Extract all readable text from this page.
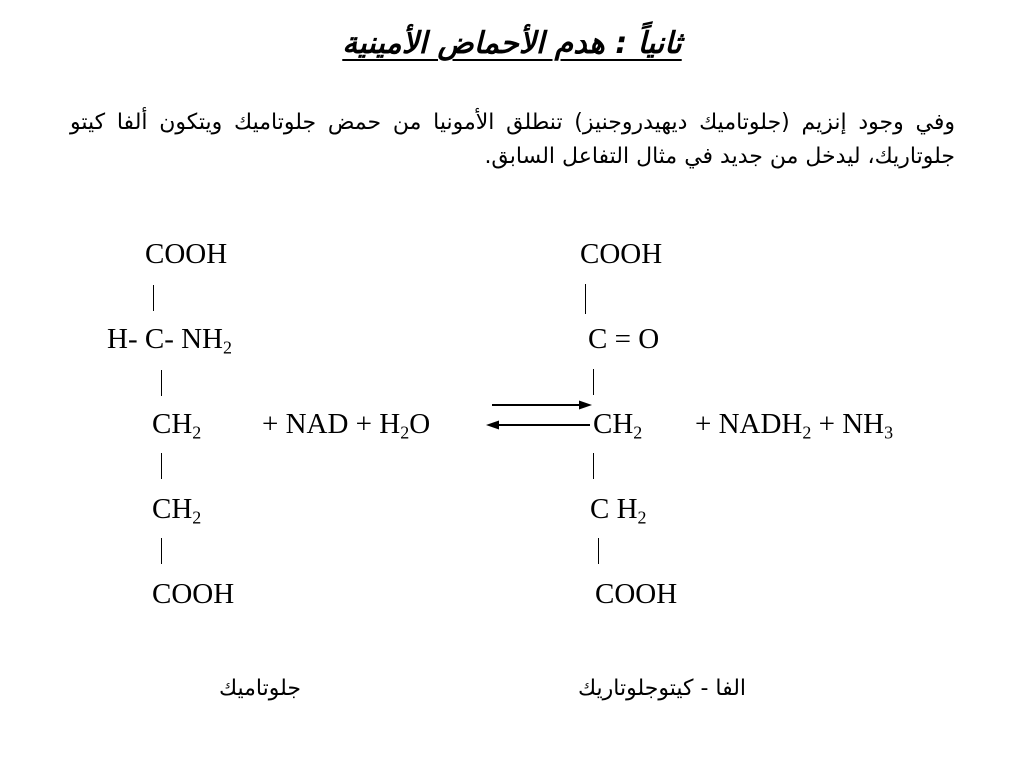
ثانياً : هدم الأحماض الأمينية
وفي وجود إنزيم (جلوتاميك ديهيدروجنيز) تنطلق الأمونيا من حمض جلوتاميك ويتكون ألفا كيتو
جلوتاريك، ليدخل من جديد في مثال التفاعل السابق.
COOH
H- C- $NH_2$
$CH_2$ + NAD + $H_2O$
$CH_2$
COOH
COOH
C = O
$CH_2$ + $NADH_2 + NH_3$
C $H_2$
COOH
جلوتاميك	الفا - كيتوجلوتاريك
